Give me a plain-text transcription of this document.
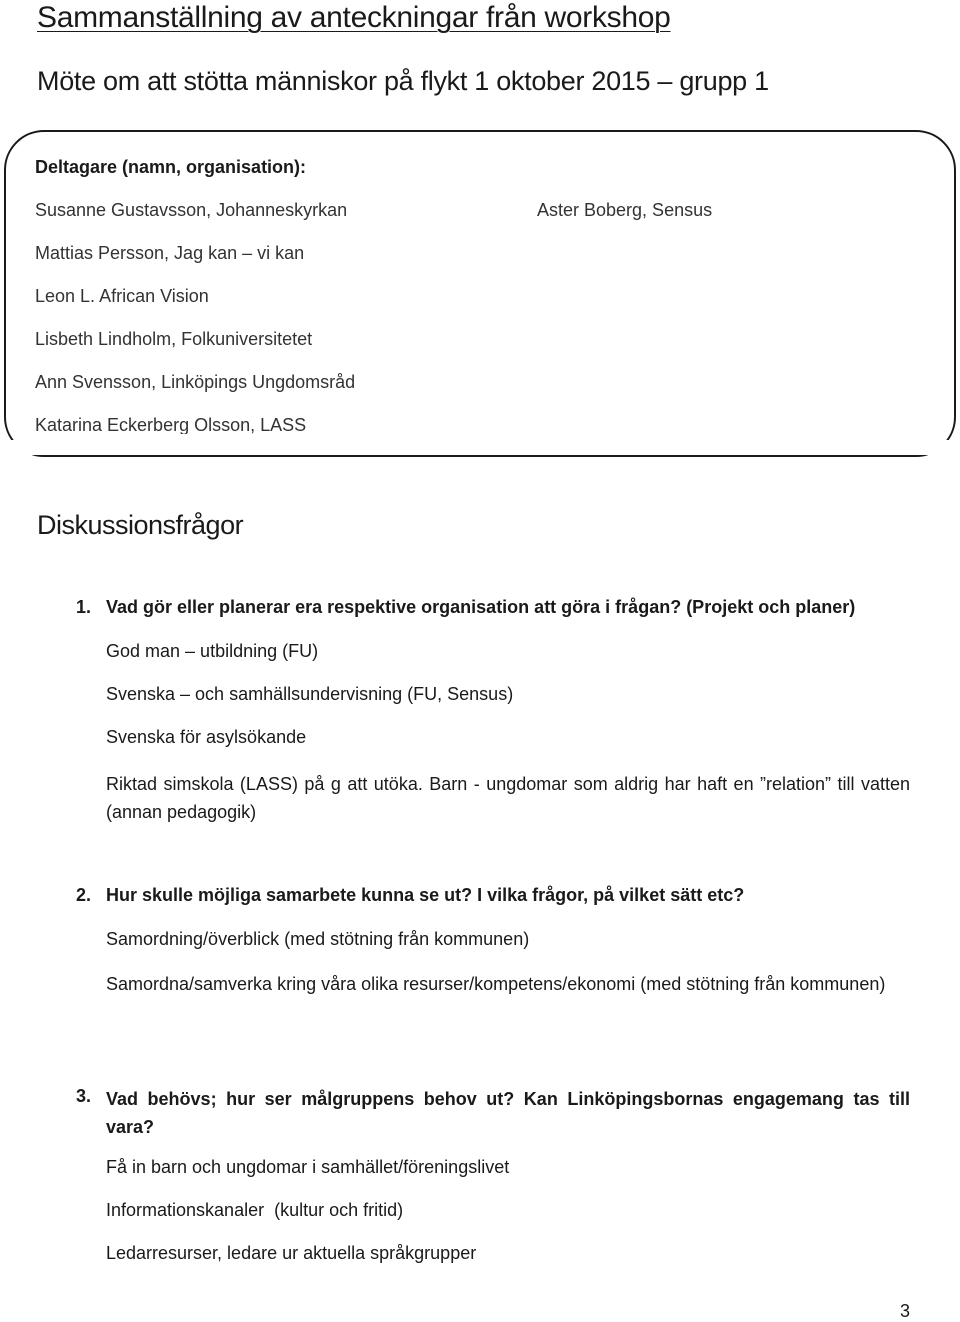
Sammanställning av anteckningar från workshop
Möte om att stötta människor på flykt 1 oktober 2015 – grupp 1
Deltagare (namn, organisation):
Susanne Gustavsson, Johanneskyrkan	Aster Boberg, Sensus
Mattias Persson, Jag kan – vi kan
Leon L. African Vision
Lisbeth Lindholm, Folkuniversitetet
Ann Svensson, Linköpings Ungdomsråd
Katarina Eckerberg Olsson, LASS
Diskussionsfrågor
1. Vad gör eller planerar era respektive organisation att göra i frågan? (Projekt och planer)
God man – utbildning (FU)
Svenska – och samhällsundervisning (FU, Sensus)
Svenska för asylsökande
Riktad simskola (LASS) på g att utöka. Barn - ungdomar som aldrig har haft en ”relation” till vatten (annan pedagogik)
2. Hur skulle möjliga samarbete kunna se ut? I vilka frågor, på vilket sätt etc?
Samordning/överblick (med stötning från kommunen)
Samordna/samverka kring våra olika resurser/kompetens/ekonomi (med stötning från kommunen)
3. Vad behövs; hur ser målgruppens behov ut? Kan Linköpingsbornas engagemang tas till vara?
Få in barn och ungdomar i samhället/föreningslivet
Informationskanaler  (kultur och fritid)
Ledarresurser, ledare ur aktuella språkgrupper
3
